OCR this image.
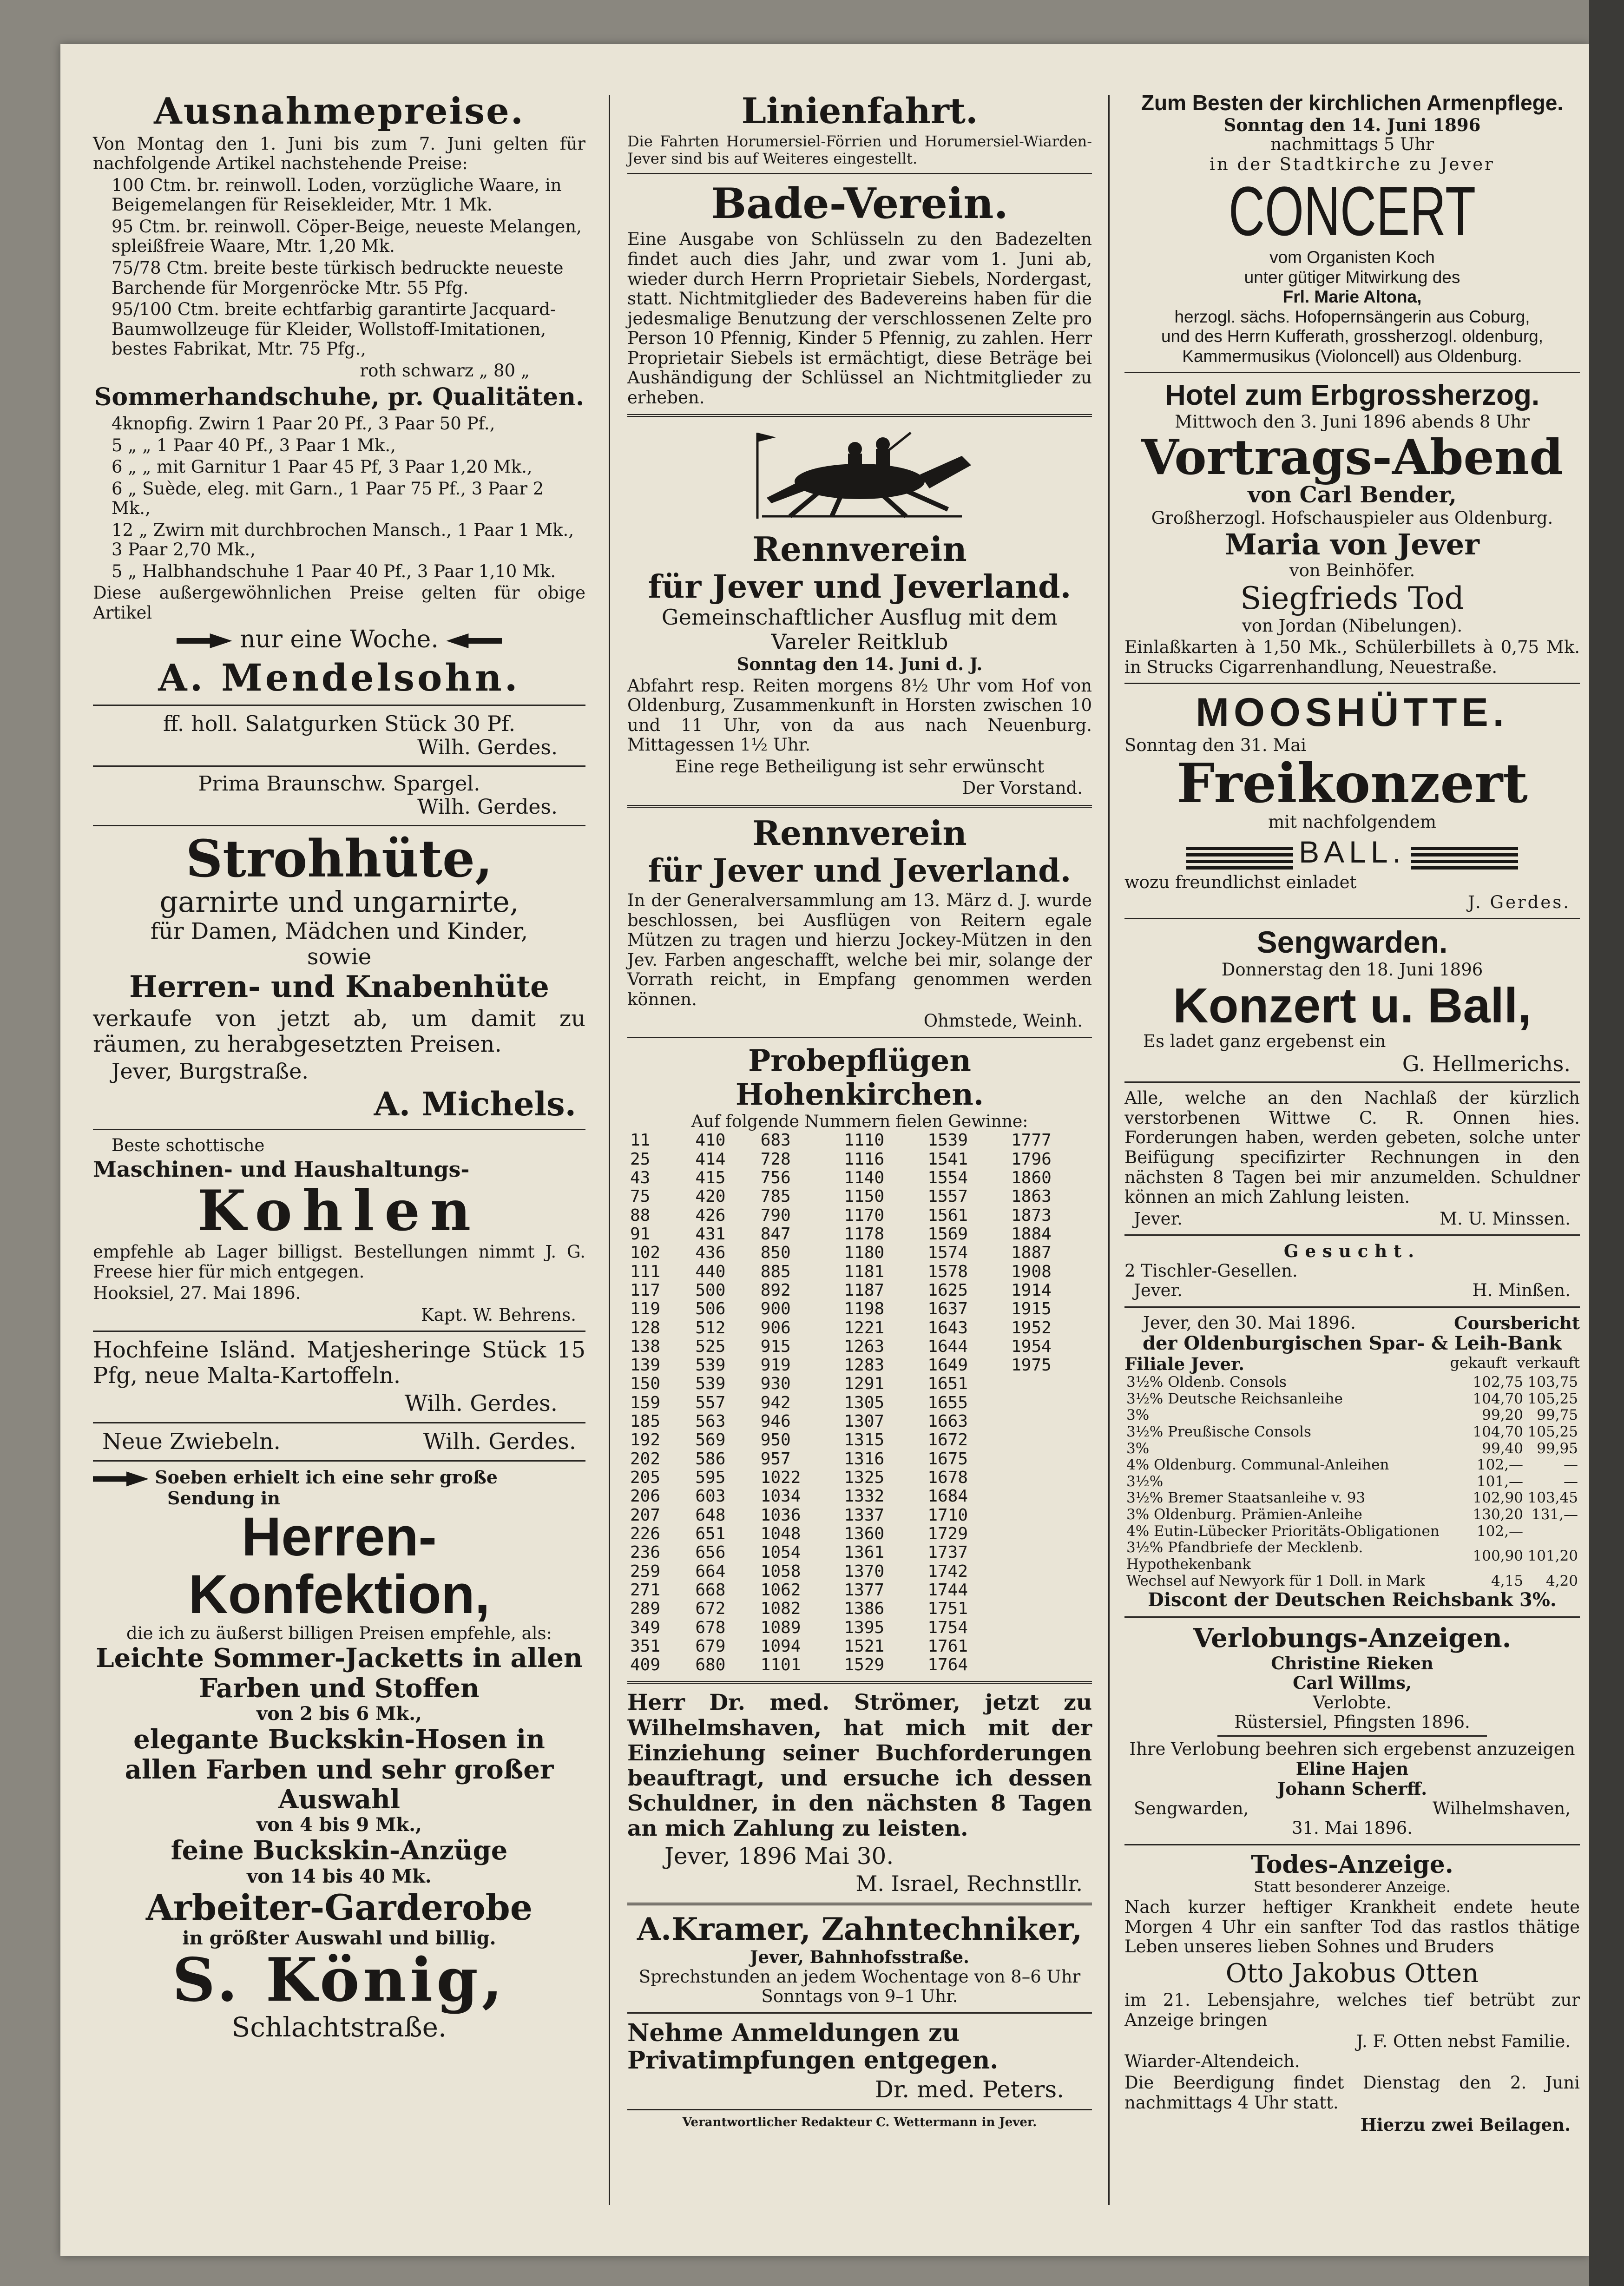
Ausnahmepreise.

Von Montag den 1. Juni bis zum 7. Juni gelten für nachfolgende Artikel nachstehende Preise:

100 Ctm. br. reinwoll. Loden, vorzügliche Waare, in Beigemelangen für Reisekleider, Mtr. 1 Mk.

95 Ctm. br. reinwoll. Cöper-Beige, neueste Melangen, spleißfreie Waare, Mtr. 1,20 Mk.

75/78 Ctm. breite beste türkisch bedruckte neueste Barchende für Morgenröcke Mtr. 55 Pfg.

95/100 Ctm. breite echtfarbig garantirte Jacquard-Baumwollzeuge für Kleider, Wollstoff-Imitationen, bestes Fabrikat, Mtr. 75 Pfg.,

roth schwarz „ 80 „

Sommerhandschuhe, pr. Qualitäten.

4knopfig. Zwirn 1 Paar 20 Pf., 3 Paar 50 Pf.,

5 „ „ 1 Paar 40 Pf., 3 Paar 1 Mk.,

6 „ „ mit Garnitur 1 Paar 45 Pf, 3 Paar 1,20 Mk.,

6 „ Suède, eleg. mit Garn., 1 Paar 75 Pf., 3 Paar 2 Mk.,

12 „ Zwirn mit durchbrochen Mansch., 1 Paar 1 Mk., 3 Paar 2,70 Mk.,

5 „ Halbhandschuhe 1 Paar 40 Pf., 3 Paar 1,10 Mk.

Diese außergewöhnlichen Preise gelten für obige Artikel

nur eine Woche.
A. Mendelsohn.
ff. holl. Salatgurken Stück 30 Pf.
Wilh. Gerdes.
Prima Braunschw. Spargel.
Wilh. Gerdes.
Strohhüte,
garnirte und ungarnirte,
für Damen, Mädchen und Kinder,
sowie
Herren- und Knabenhüte

verkaufe von jetzt ab, um damit zu räumen, zu herabgesetzten Preisen.

Jever, Burgstraße.

A. Michels.

Beste schottische

Maschinen- und Haushaltungs-
Kohlen

empfehle ab Lager billigst. Bestellungen nimmt J. G. Freese hier für mich entgegen.

Hooksiel, 27. Mai 1896.

Kapt. W. Behrens.

Hochfeine Isländ. Matjesheringe Stück 15 Pfg, neue Malta-Kartoffeln.

Wilh. Gerdes.
Neue Zwiebeln.	Wilh. Gerdes.
Soeben erhielt ich eine sehr große
Sendung in
Herren-
Konfektion,
die ich zu äußerst billigen Preisen empfehle, als:
Leichte Sommer-Jacketts in allen Farben und Stoffen
von 2 bis 6 Mk.,
elegante Buckskin-Hosen in allen Farben und sehr großer Auswahl
von 4 bis 9 Mk.,
feine Buckskin-Anzüge
von 14 bis 40 Mk.
Arbeiter-Garderobe
in größter Auswahl und billig.
S. König,
Schlachtstraße.
Linienfahrt.

Die Fahrten Horumersiel-Förrien und Horumersiel-Wiarden-Jever sind bis auf Weiteres eingestellt.

Bade-Verein.

Eine Ausgabe von Schlüsseln zu den Badezelten findet auch dies Jahr, und zwar vom 1. Juni ab, wieder durch Herrn Proprietair Siebels, Nordergast, statt. Nichtmitglieder des Badevereins haben für die jedesmalige Benutzung der verschlossenen Zelte pro Person 10 Pfennig, Kinder 5 Pfennig, zu zahlen. Herr Proprietair Siebels ist ermächtigt, diese Beträge bei Aushändigung der Schlüssel an Nichtmitglieder zu erheben.

Rennverein
für Jever und Jeverland.
Gemeinschaftlicher Ausflug mit dem Vareler Reitklub
Sonntag den 14. Juni d. J.

Abfahrt resp. Reiten morgens 8½ Uhr vom Hof von Oldenburg, Zusammenkunft in Horsten zwischen 10 und 11 Uhr, von da aus nach Neuenburg. Mittagessen 1½ Uhr.

Eine rege Betheiligung ist sehr erwünscht

Der Vorstand.
Rennverein
für Jever und Jeverland.

In der Generalversammlung am 13. März d. J. wurde beschlossen, bei Ausflügen von Reitern egale Mützen zu tragen und hierzu Jockey-Mützen in den Jev. Farben angeschafft, welche bei mir, solange der Vorrath reicht, in Empfang genommen werden können.

Ohmstede, Weinh.
Probepflügen Hohenkirchen.
Auf folgende Nummern fielen Gewinne:
11	410	683	1110	1539	1777
25	414	728	1116	1541	1796
43	415	756	1140	1554	1860
75	420	785	1150	1557	1863
88	426	790	1170	1561	1873
91	431	847	1178	1569	1884
102	436	850	1180	1574	1887
111	440	885	1181	1578	1908
117	500	892	1187	1625	1914
119	506	900	1198	1637	1915
128	512	906	1221	1643	1952
138	525	915	1263	1644	1954
139	539	919	1283	1649	1975
150	539	930	1291	1651	
159	557	942	1305	1655	
185	563	946	1307	1663	
192	569	950	1315	1672	
202	586	957	1316	1675	
205	595	1022	1325	1678	
206	603	1034	1332	1684	
207	648	1036	1337	1710	
226	651	1048	1360	1729	
236	656	1054	1361	1737	
259	664	1058	1370	1742	
271	668	1062	1377	1744	
289	672	1082	1386	1751	
349	678	1089	1395	1754	
351	679	1094	1521	1761	
409	680	1101	1529	1764	

Herr Dr. med. Strömer, jetzt zu Wilhelmshaven, hat mich mit der Einziehung seiner Buchforderungen beauftragt, und ersuche ich dessen Schuldner, in den nächsten 8 Tagen an mich Zahlung zu leisten.

Jever, 1896 Mai 30.

M. Israel, Rechnstllr.
A.Kramer, Zahntechniker,
Jever, Bahnhofsstraße.
Sprechstunden an jedem Wochentage von 8–6 Uhr
Sonntags von 9–1 Uhr.

Nehme Anmeldungen zu Privatimpfungen entgegen.

Dr. med. Peters.
Verantwortlicher Redakteur C. Wettermann in Jever.
Zum Besten der kirchlichen Armenpflege.
Sonntag den 14. Juni 1896
nachmittags 5 Uhr
in der Stadtkirche zu Jever
CONCERT
vom Organisten Koch
unter gütiger Mitwirkung des
Frl. Marie Altona,
herzogl. sächs. Hofopernsängerin aus Coburg,
und des Herrn Kufferath, grossherzogl. oldenburg,
Kammermusikus (Violoncell) aus Oldenburg.
Hotel zum Erbgrossherzog.
Mittwoch den 3. Juni 1896 abends 8 Uhr
Vortrags-Abend
von Carl Bender,
Großherzogl. Hofschauspieler aus Oldenburg.
Maria von Jever
von Beinhöfer.
Siegfrieds Tod
von Jordan (Nibelungen).

Einlaßkarten à 1,50 Mk., Schülerbillets à 0,75 Mk. in Strucks Cigarrenhandlung, Neuestraße.

MOOSHÜTTE.
Sonntag den 31. Mai
Freikonzert
mit nachfolgendem
BALL.
wozu freundlichst einladet
J. Gerdes.
Sengwarden.
Donnerstag den 18. Juni 1896
Konzert u. Ball,
Es ladet ganz ergebenst ein
G. Hellmerichs.

Alle, welche an den Nachlaß der kürzlich verstorbenen Wittwe C. R. Onnen hies. Forderungen haben, werden gebeten, solche unter Beifügung specifizirter Rechnungen in den nächsten 8 Tagen bei mir anzumelden. Schuldner können an mich Zahlung leisten.

Jever.	M. U. Minssen.
Gesucht.
2 Tischler-Gesellen.
Jever.	H. Minßen.
Jever, den 30. Mai 1896.	Coursbericht
der Oldenburgischen Spar- & Leih-Bank
Filiale Jever.	gekauft verkauft
3½% Oldenb. Consols	102,75	103,75
3½% Deutsche Reichsanleihe	104,70	105,25
3%	99,20	99,75
3½% Preußische Consols	104,70	105,25
3%	99,40	99,95
4% Oldenburg. Communal-Anleihen	102,—	—
3½%	101,—	—
3½% Bremer Staatsanleihe v. 93	102,90	103,45
3% Oldenburg. Prämien-Anleihe	130,20	131,—
4% Eutin-Lübecker Prioritäts-Obligationen	102,—	
3½% Pfandbriefe der Mecklenb. Hypothekenbank	100,90	101,20
Wechsel auf Newyork für 1 Doll. in Mark	4,15	4,20
Discont der Deutschen Reichsbank 3%.
Verlobungs-Anzeigen.
Christine Rieken
Carl Willms,
Verlobte.
Rüstersiel, Pfingsten 1896.
Ihre Verlobung beehren sich ergebenst anzuzeigen
Eline Hajen
Johann Scherff.
Sengwarden,	Wilhelmshaven,
31. Mai 1896.
Todes-Anzeige.
Statt besonderer Anzeige.

Nach kurzer heftiger Krankheit endete heute Morgen 4 Uhr ein sanfter Tod das rastlos thätige Leben unseres lieben Sohnes und Bruders

Otto Jakobus Otten

im 21. Lebensjahre, welches tief betrübt zur Anzeige bringen

J. F. Otten nebst Familie.
Wiarder-Altendeich.

Die Beerdigung findet Dienstag den 2. Juni nachmittags 4 Uhr statt.

Hierzu zwei Beilagen.
